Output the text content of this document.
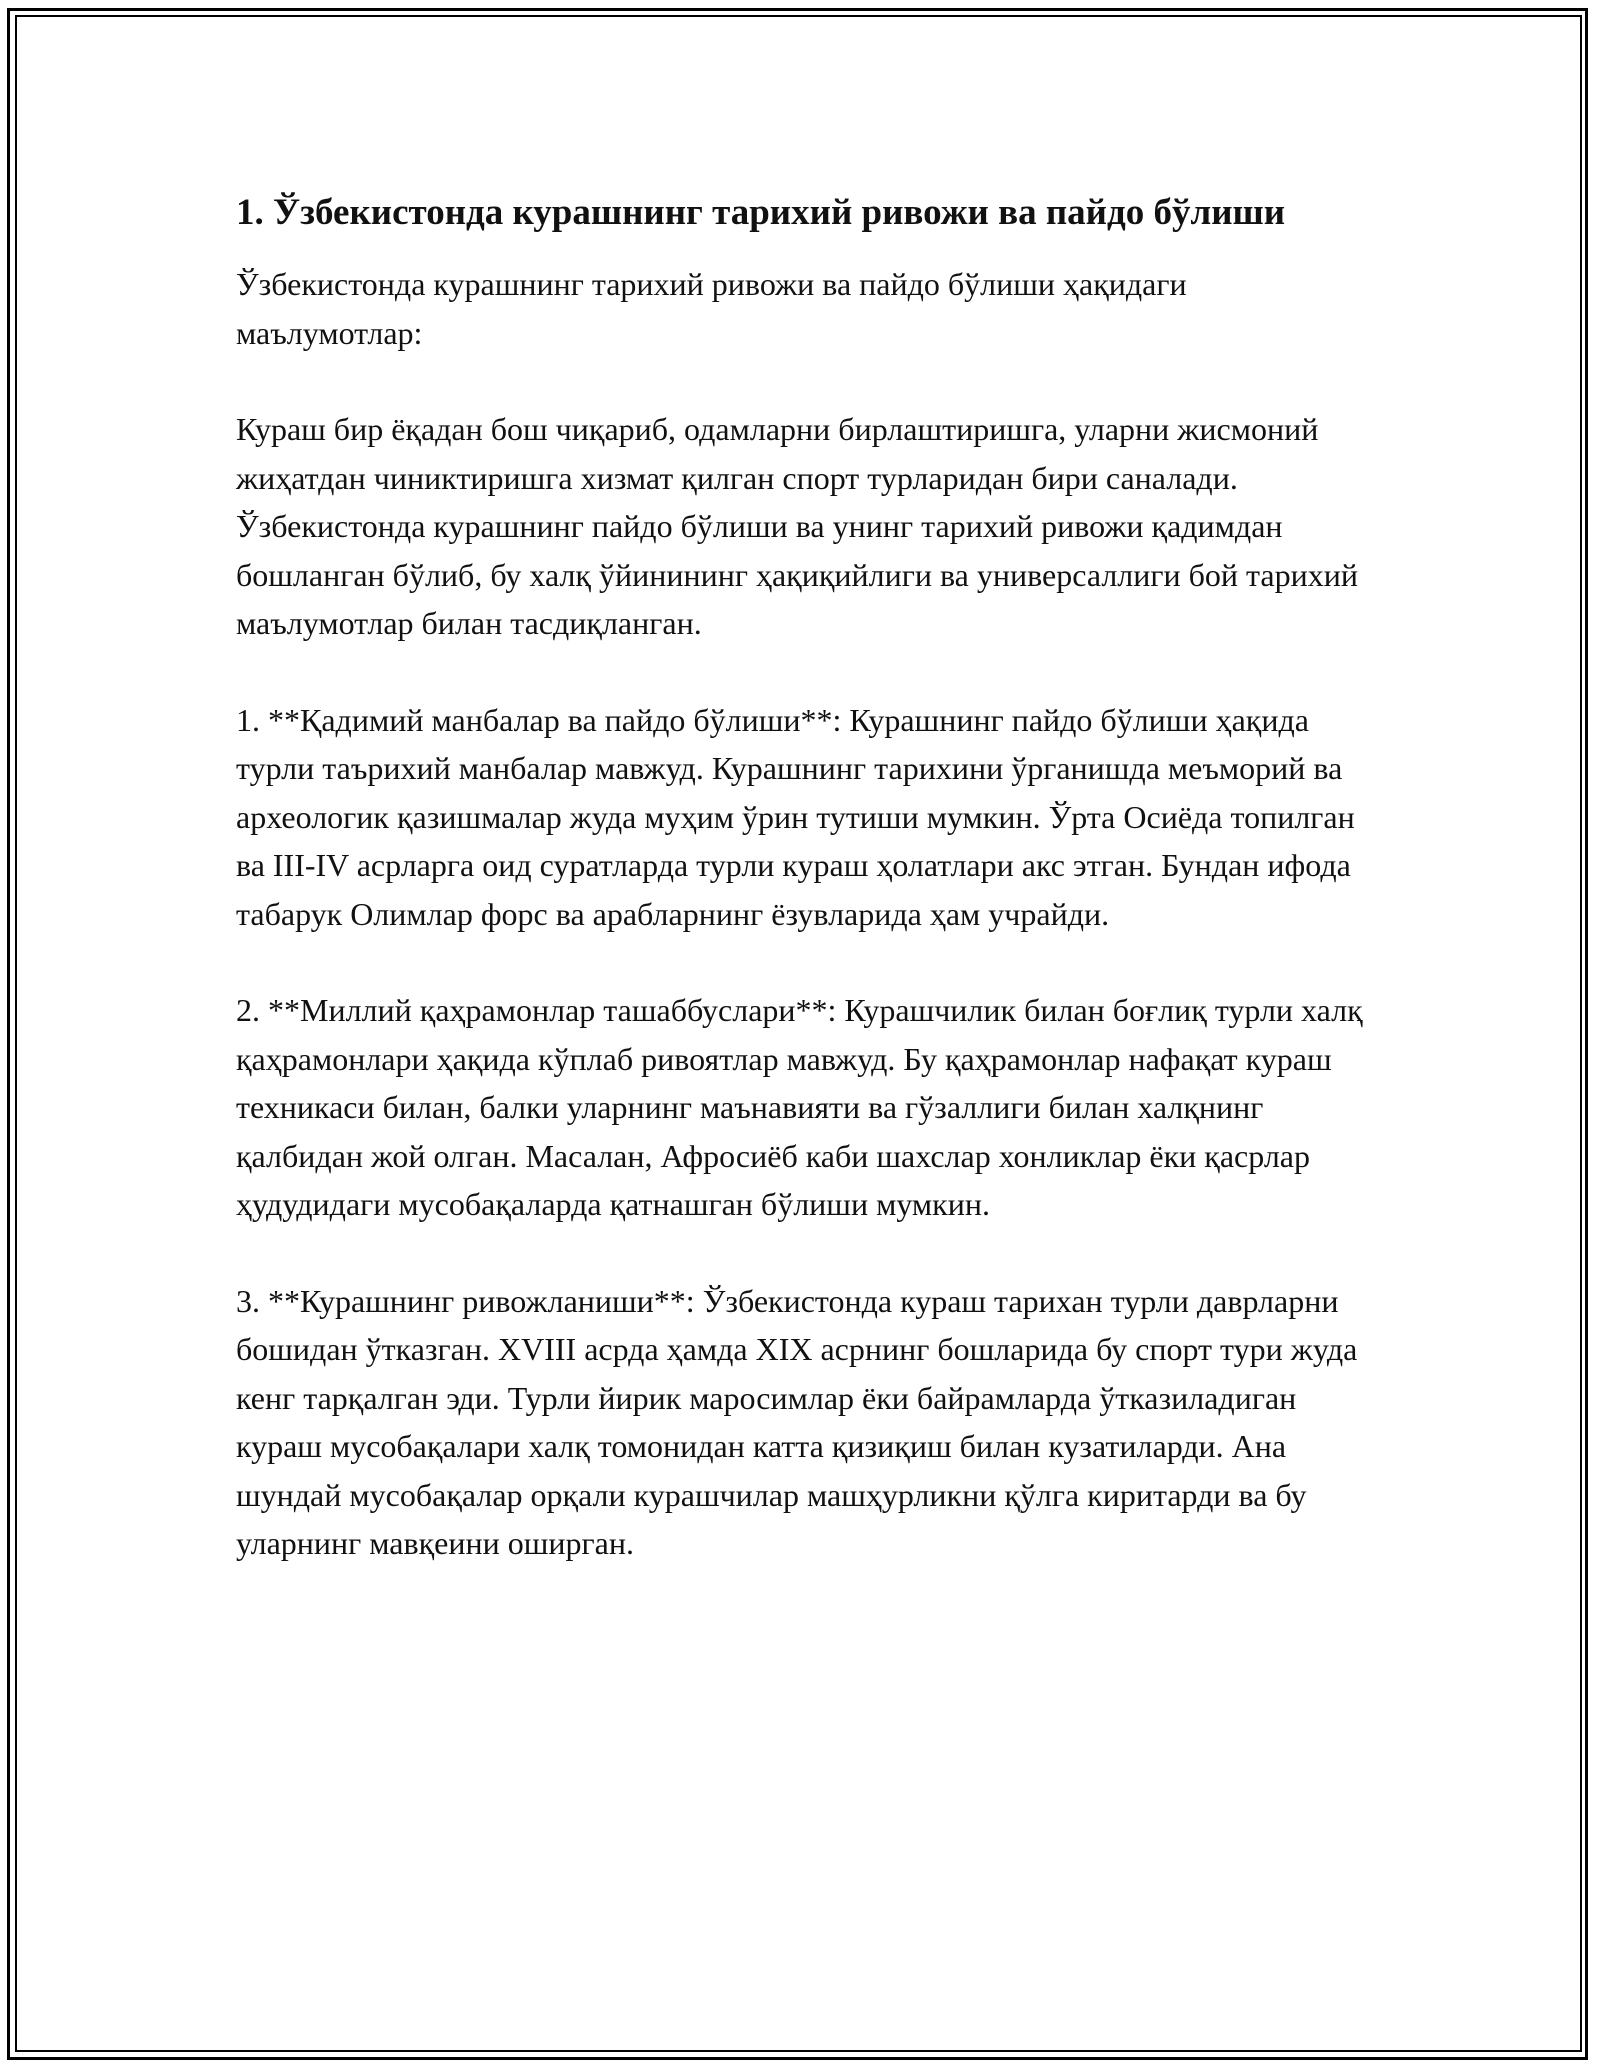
1. Ўзбекистонда курашнинг тарихий ривожи ва пайдо бўлиши

Ўзбекистонда курашнинг тарихий ривожи ва пайдо бўлиши ҳақидаги маълумотлар:

Кураш бир ёқадан бош чиқариб, одамларни бирлаштиришга, уларни жисмоний жиҳатдан чиниктиришга хизмат қилган спорт турларидан бири саналади. Ўзбекистонда курашнинг пайдо бўлиши ва унинг тарихий ривожи қадимдан бошланган бўлиб, бу халқ ўйинининг ҳақиқийлиги ва универсаллиги бой тарихий маълумотлар билан тасдиқланган.

1. **Қадимий манбалар ва пайдо бўлиши**: Курашнинг пайдо бўлиши ҳақида турли таърихий манбалар мавжуд. Курашнинг тарихини ўрганишда меъморий ва археологик қазишмалар жуда муҳим ўрин тутиши мумкин. Ўрта Осиёда топилган ва III-IV асрларга оид суратларда турли кураш ҳолатлари акс этган. Бундан ифода табарук Олимлар форс ва арабларнинг ёзувларида ҳам учрайди.

2. **Миллий қаҳрамонлар ташаббуслари**: Курашчилик билан боғлиқ турли халқ қаҳрамонлари ҳақида кўплаб ривоятлар мавжуд. Бу қаҳрамонлар нафақат кураш техникаси билан, балки уларнинг маънавияти ва гўзаллиги билан халқнинг қалбидан жой олган. Масалан, Афросиёб каби шахслар хонликлар ёки қасрлар ҳудудидаги мусобақаларда қатнашган бўлиши мумкин.

3. **Курашнинг ривожланиши**: Ўзбекистонда кураш тарихан турли даврларни бошидан ўтказган. XVIII асрда ҳамда XIX асрнинг бошларида бу спорт тури жуда кенг тарқалган эди. Турли йирик маросимлар ёки байрамларда ўтказиладиган кураш мусобақалари халқ томонидан катта қизиқиш билан кузатиларди. Ана шундай мусобақалар орқали курашчилар машҳурликни қўлга киритарди ва бу уларнинг мавқеини оширган.
